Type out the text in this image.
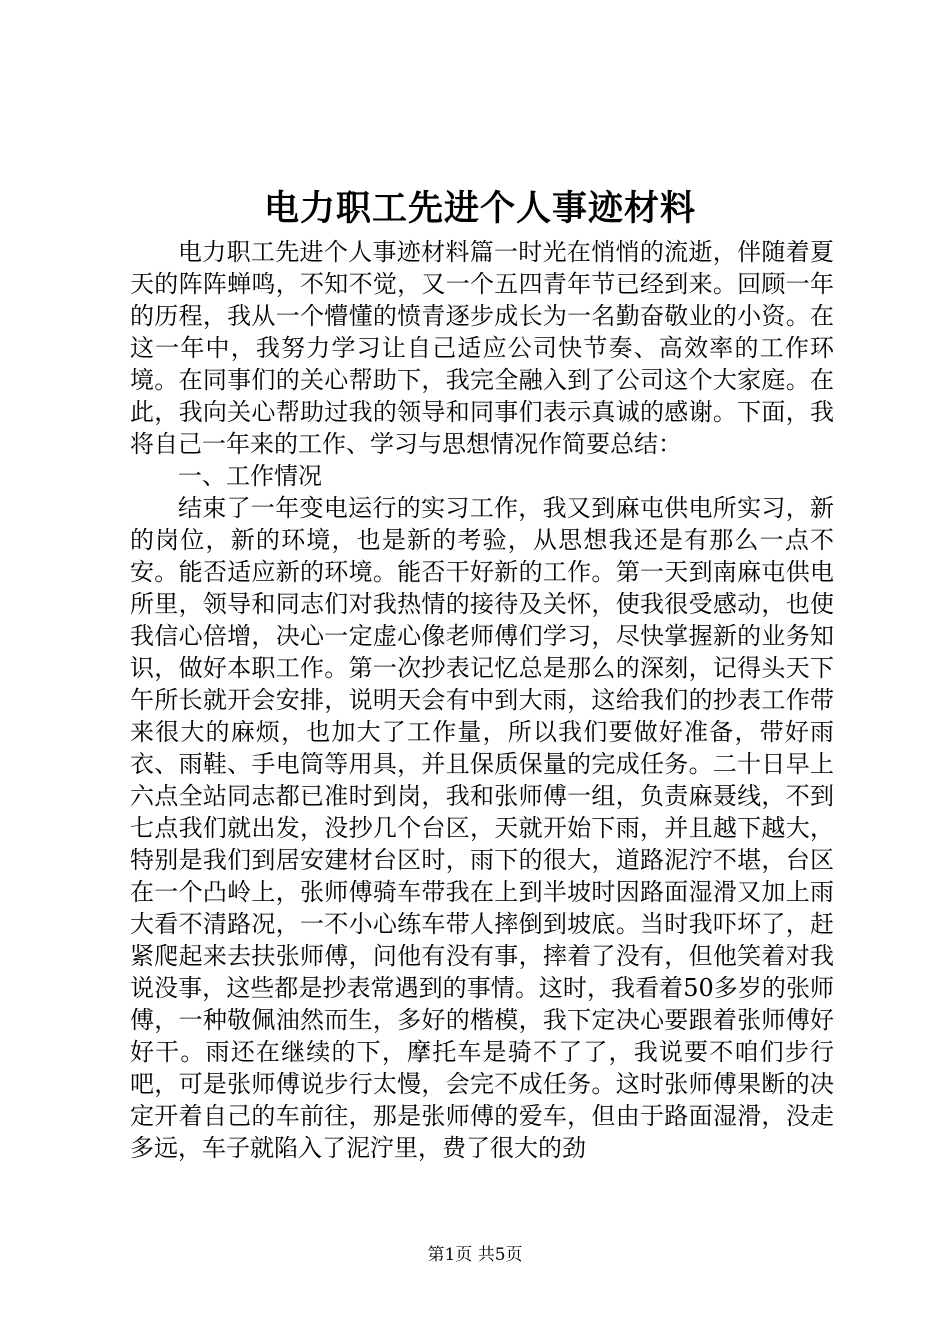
电力职工先进个人事迹材料

电力职工先进个人事迹材料篇一时光在悄悄的流逝，伴随着夏天的阵阵蝉鸣，不知不觉，又一个五四青年节已经到来。回顾一年的历程，我从一个懵懂的愤青逐步成长为一名勤奋敬业的小资。在这一年中，我努力学习让自己适应公司快节奏、高效率的工作环境。在同事们的关心帮助下，我完全融入到了公司这个大家庭。在此，我向关心帮助过我的领导和同事们表示真诚的感谢。下面，我将自己一年来的工作、学习与思想情况作简要总结：

一、工作情况

结束了一年变电运行的实习工作，我又到麻屯供电所实习，新的岗位，新的环境，也是新的考验，从思想我还是有那么一点不安。能否适应新的环境。能否干好新的工作。第一天到南麻屯供电所里，领导和同志们对我热情的接待及关怀，使我很受感动，也使我信心倍增，决心一定虚心像老师傅们学习，尽快掌握新的业务知识，做好本职工作。第一次抄表记忆总是那么的深刻，记得头天下午所长就开会安排，说明天会有中到大雨，这给我们的抄表工作带来很大的麻烦，也加大了工作量，所以我们要做好准备，带好雨衣、雨鞋、手电筒等用具，并且保质保量的完成任务。二十日早上六点全站同志都已准时到岗，我和张师傅一组，负责麻聂线，不到七点我们就出发，没抄几个台区，天就开始下雨，并且越下越大，特别是我们到居安建材台区时，雨下的很大，道路泥泞不堪，台区在一个凸岭上，张师傅骑车带我在上到半坡时因路面湿滑又加上雨大看不清路况，一不小心练车带人摔倒到坡底。当时我吓坏了，赶紧爬起来去扶张师傅，问他有没有事，摔着了没有，但他笑着对我说没事，这些都是抄表常遇到的事情。这时，我看着50多岁的张师傅，一种敬佩油然而生，多好的楷模，我下定决心要跟着张师傅好好干。雨还在继续的下，摩托车是骑不了了，我说要不咱们步行吧，可是张师傅说步行太慢，会完不成任务。这时张师傅果断的决定开着自己的车前往，那是张师傅的爱车，但由于路面湿滑，没走多远，车子就陷入了泥泞里，费了很大的劲

第1页 共5页
